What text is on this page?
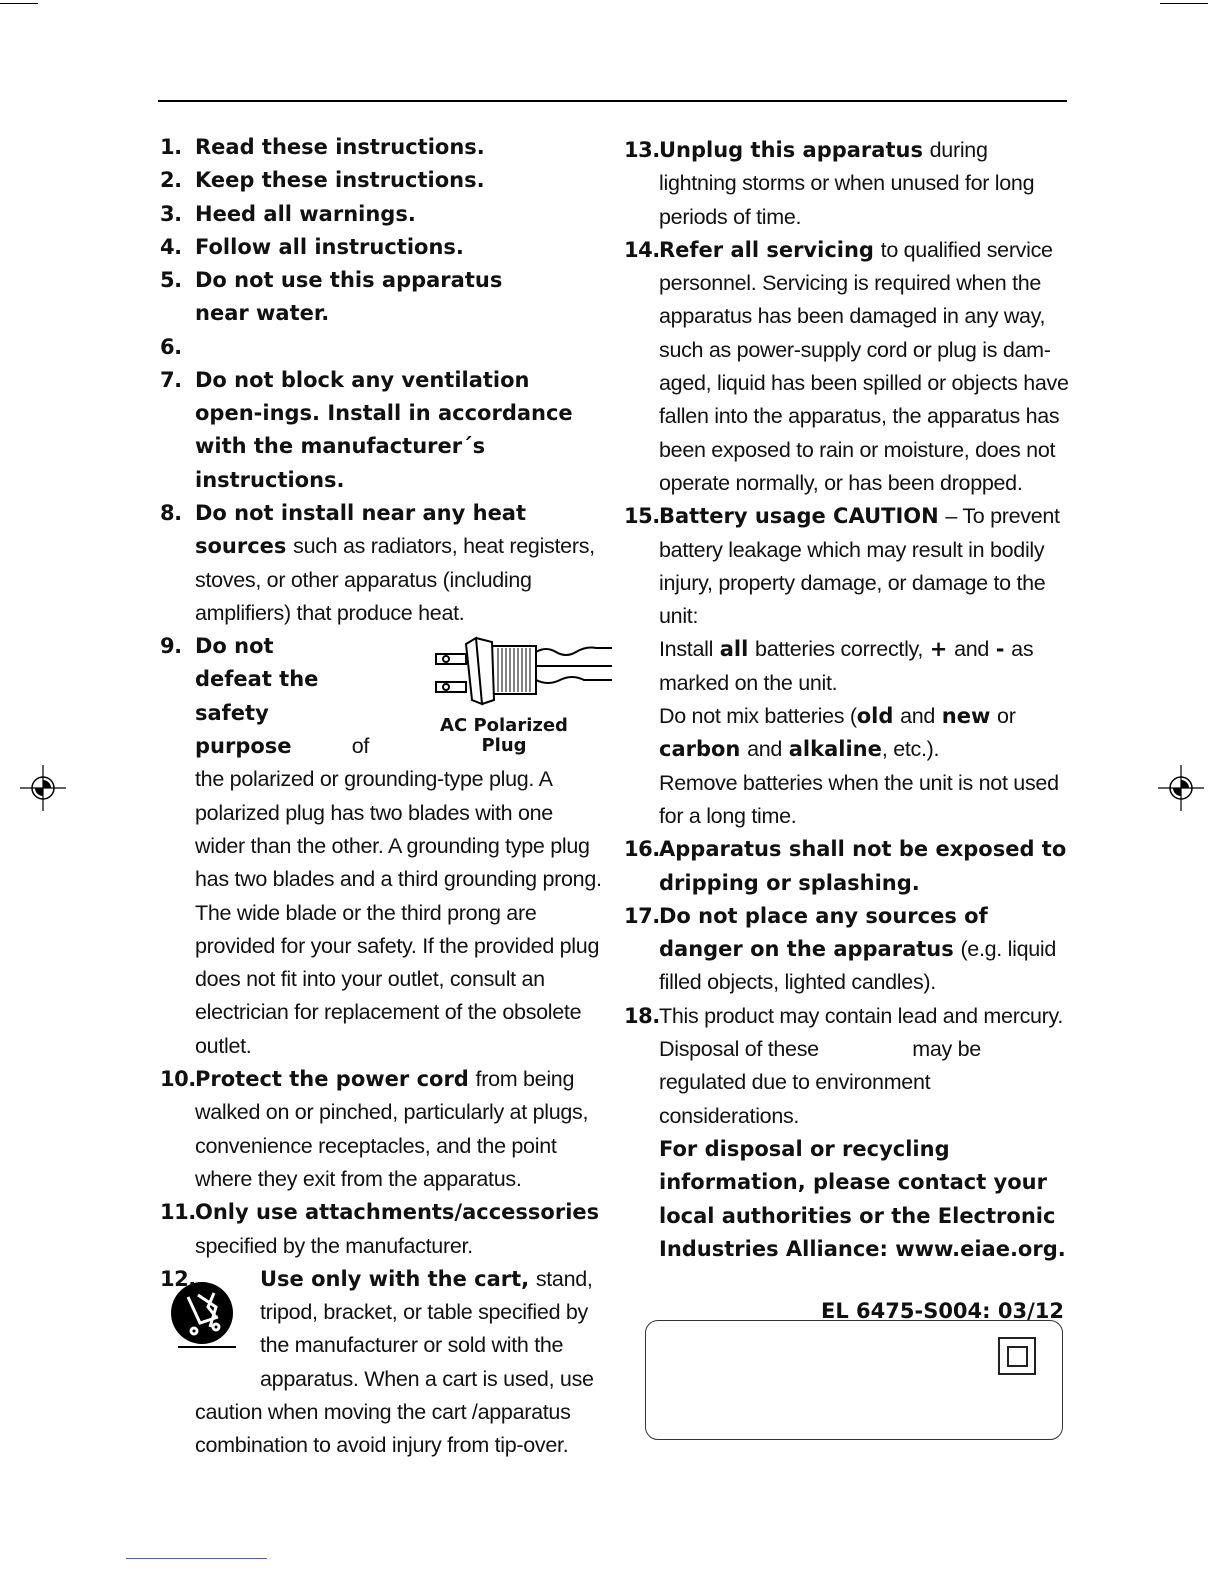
1. Read these instructions.
2. Keep these instructions.
3. Heed all warnings.
4. Follow all instructions.
5. Do not use this apparatus near water.
6.
7. Do not block any ventilation open-ings. Install in accordance with the manufacturer´s instructions.
8. Do not install near any heat sources such as radiators, heat registers, stoves, or other apparatus (including amplifiers) that produce heat.
9.
AC Polarized
Plug
Do not defeat the safety purpose	of the polarized or grounding-type plug. A polarized plug has two blades with one wider than the other. A grounding type plug has two blades and a third grounding prong. The wide blade or the third prong are provided for your safety. If the provided plug does not fit into your outlet, consult an electrician for replacement of the obsolete outlet.
10. Protect the power cord from being walked on or pinched, particularly at plugs, convenience receptacles, and the point where they exit from the apparatus.
11. Only use attachments/accessories specified by the manufacturer.
12.	Use only with the cart, stand, tripod, bracket, or table specified by the manufacturer or sold with the apparatus. When a cart is used, use caution when moving the cart /apparatus combination to avoid injury from tip-over.
13. Unplug this apparatus during lightning storms or when unused for long periods of time.
14. Refer all servicing to qualified service personnel. Servicing is required when the apparatus has been damaged in any way, such as power-supply cord or plug is dam-aged, liquid has been spilled or objects have fallen into the apparatus, the apparatus has been exposed to rain or moisture, does not operate normally, or has been dropped.
15. Battery usage CAUTION – To prevent battery leakage which may result in bodily injury, property damage, or damage to the unit:
Install all batteries correctly, + and - as marked on the unit.
Do not mix batteries (old and new or carbon and alkaline, etc.).
Remove batteries when the unit is not used for a long time.
16. Apparatus shall not be exposed to dripping or splashing.
17. Do not place any sources of danger on the apparatus (e.g. liquid filled objects, lighted candles).
18. This product may contain lead and mercury. Disposal of these	may be regulated due to environment considerations.
For disposal or recycling information, please contact your local authorities or the Electronic Industries Alliance: www.eiae.org.
EL 6475-S004: 03/12
